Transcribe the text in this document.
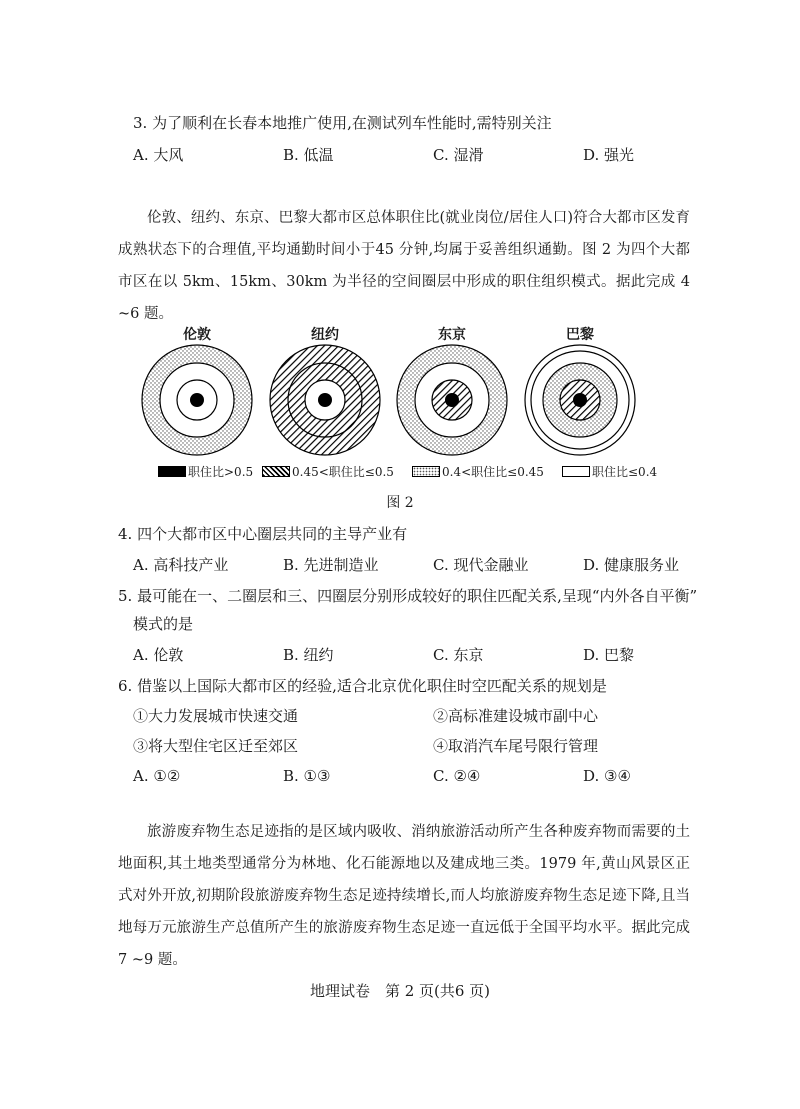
3. 为了顺利在长春本地推广使用,在测试列车性能时,需特别关注
A. 大风	B. 低温	C. 湿滑	D. 强光
伦敦、纽约、东京、巴黎大都市区总体职住比(就业岗位/居住人口)符合大都市区发育成熟状态下的合理值,平均通勤时间小于45 分钟,均属于妥善组织通勤。图 2 为四个大都市区在以 5km、15km、30km 为半径的空间圈层中形成的职住组织模式。据此完成 4 ~6 题。
伦敦	纽约	东京	巴黎
职住比>0.5	0.45<职住比≤0.5	0.4<职住比≤0.45	职住比≤0.4
图 2
4. 四个大都市区中心圈层共同的主导产业有
A. 高科技产业	B. 先进制造业	C. 现代金融业	D. 健康服务业
5. 最可能在一、二圈层和三、四圈层分别形成较好的职住匹配关系,呈现“内外各自平衡”
模式的是
A. 伦敦	B. 纽约	C. 东京	D. 巴黎
6. 借鉴以上国际大都市区的经验,适合北京优化职住时空匹配关系的规划是
①大力发展城市快速交通	②高标准建设城市副中心
③将大型住宅区迁至郊区	④取消汽车尾号限行管理
A. ①②	B. ①③	C. ②④	D. ③④
旅游废弃物生态足迹指的是区域内吸收、消纳旅游活动所产生各种废弃物而需要的土地面积,其土地类型通常分为林地、化石能源地以及建成地三类。1979 年,黄山风景区正式对外开放,初期阶段旅游废弃物生态足迹持续增长,而人均旅游废弃物生态足迹下降,且当地每万元旅游生产总值所产生的旅游废弃物生态足迹一直远低于全国平均水平。据此完成 7 ~9 题。
地理试卷　第 2 页(共6 页)
